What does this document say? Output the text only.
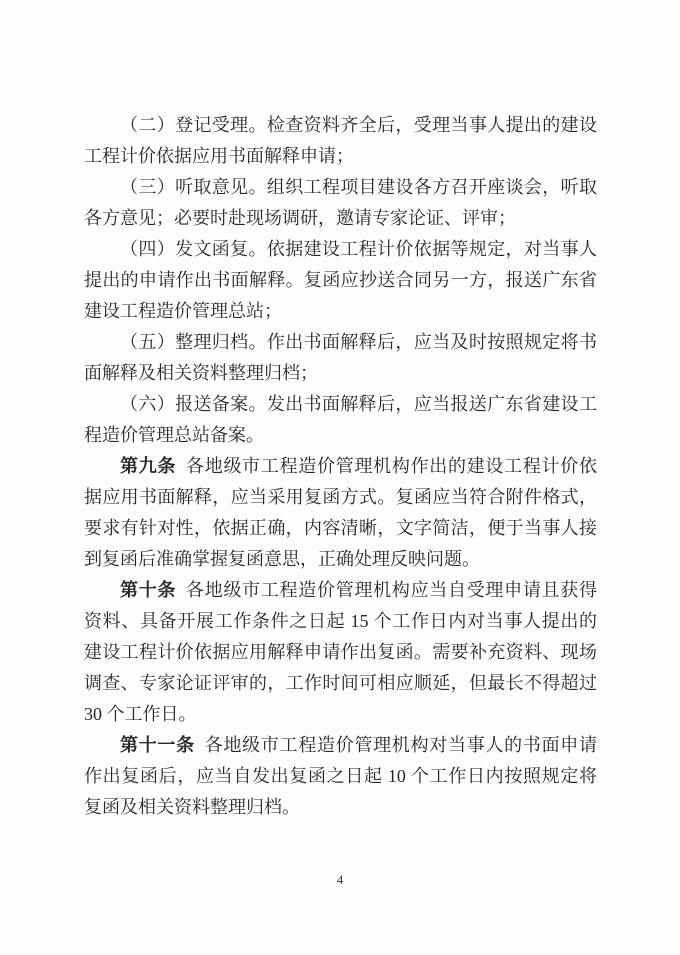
（二）登记受理。检查资料齐全后，受理当事人提出的建设

工程计价依据应用书面解释申请；

（三）听取意见。组织工程项目建设各方召开座谈会，听取

各方意见；必要时赴现场调研，邀请专家论证、评审；

（四）发文函复。依据建设工程计价依据等规定，对当事人

提出的申请作出书面解释。复函应抄送合同另一方，报送广东省

建设工程造价管理总站；

（五）整理归档。作出书面解释后，应当及时按照规定将书

面解释及相关资料整理归档；

（六）报送备案。发出书面解释后，应当报送广东省建设工

程造价管理总站备案。

第九条 各地级市工程造价管理机构作出的建设工程计价依

据应用书面解释，应当采用复函方式。复函应当符合附件格式，

要求有针对性，依据正确，内容清晰，文字简洁，便于当事人接

到复函后准确掌握复函意思，正确处理反映问题。

第十条 各地级市工程造价管理机构应当自受理申请且获得

资料、具备开展工作条件之日起 15 个工作日内对当事人提出的

建设工程计价依据应用解释申请作出复函。需要补充资料、现场

调查、专家论证评审的，工作时间可相应顺延，但最长不得超过

30 个工作日。

第十一条 各地级市工程造价管理机构对当事人的书面申请

作出复函后，应当自发出复函之日起 10 个工作日内按照规定将

复函及相关资料整理归档。

4
